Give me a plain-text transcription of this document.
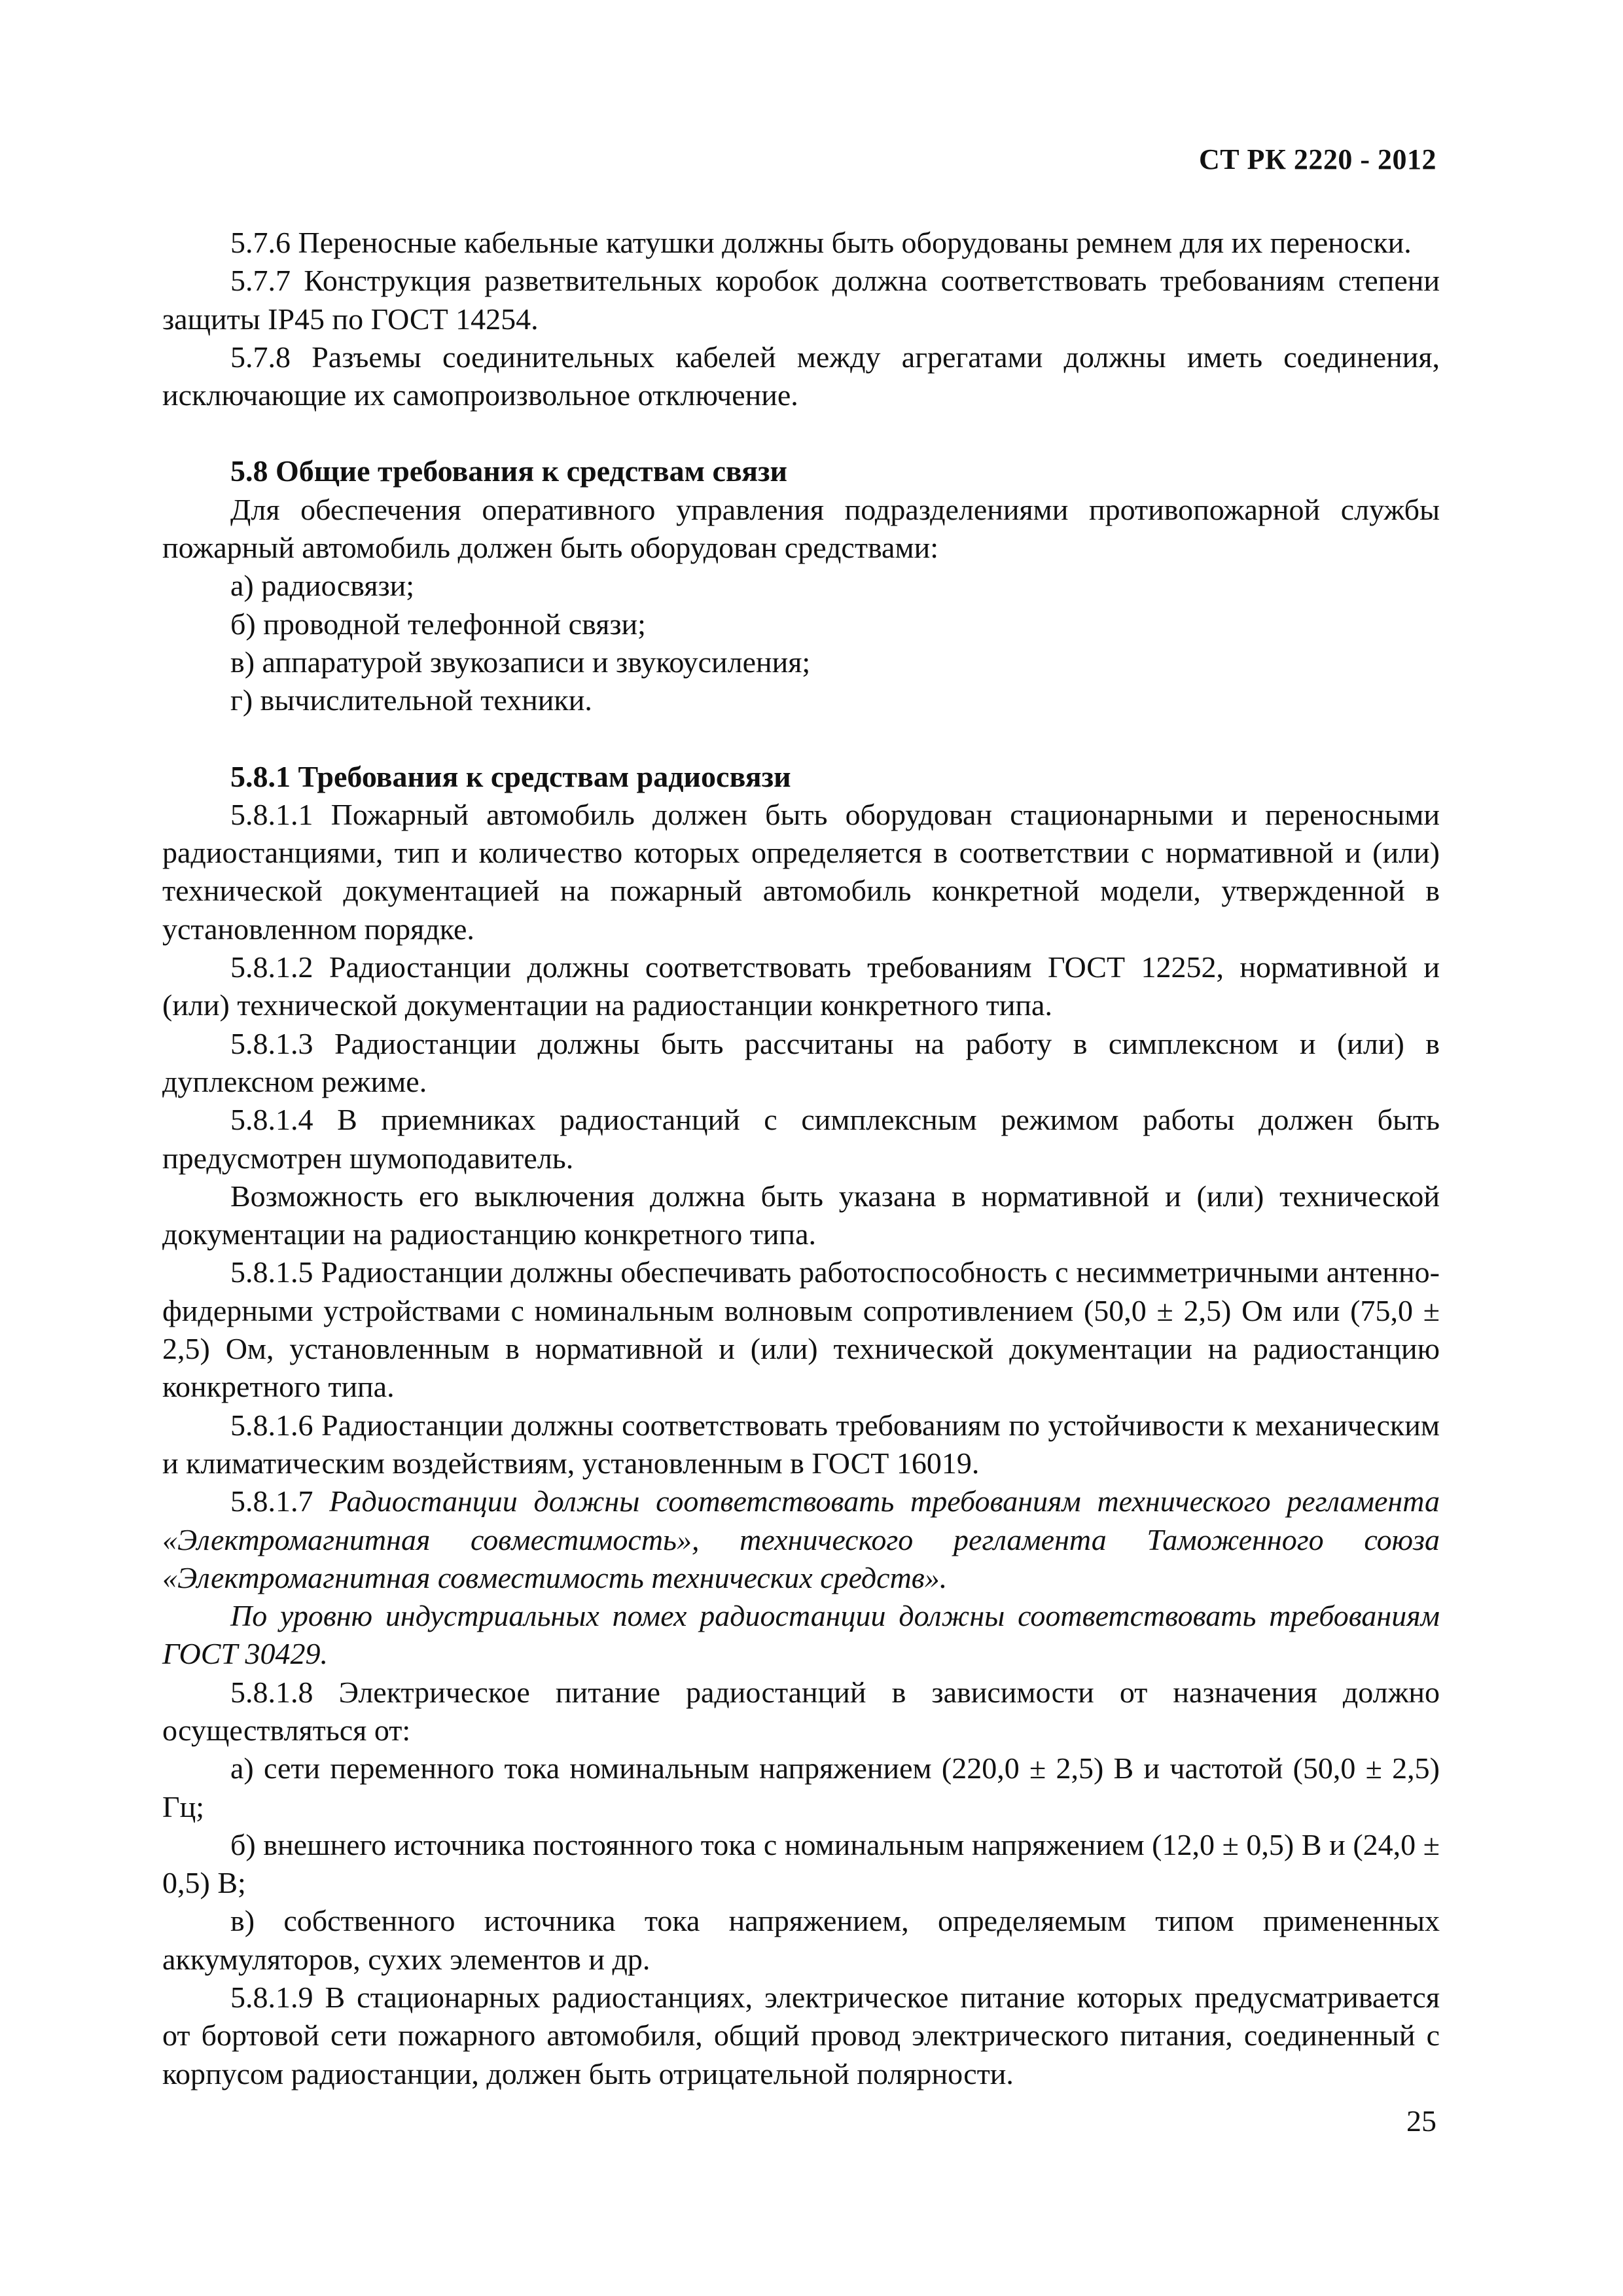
СТ РК 2220 - 2012

5.7.6 Переносные кабельные катушки должны быть оборудованы ремнем для их переноски.

5.7.7 Конструкция разветвительных коробок должна соответствовать требованиям степени защиты IP45 по ГОСТ 14254.

5.7.8 Разъемы соединительных кабелей между агрегатами должны иметь соединения, исключающие их самопроизвольное отключение.

5.8 Общие требования к средствам связи

Для обеспечения оперативного управления подразделениями противопожарной службы пожарный автомобиль должен быть оборудован средствами:

а) радиосвязи;

б) проводной телефонной связи;

в) аппаратурой звукозаписи и звукоусиления;

г) вычислительной техники.

5.8.1 Требования к средствам радиосвязи

5.8.1.1 Пожарный автомобиль должен быть оборудован стационарными и переносными радиостанциями, тип и количество которых определяется в соответствии с нормативной и (или) технической документацией на пожарный автомобиль конкретной модели, утвержденной в установленном порядке.

5.8.1.2 Радиостанции должны соответствовать требованиям ГОСТ 12252, нормативной и (или) технической документации на радиостанции конкретного типа.

5.8.1.3 Радиостанции должны быть рассчитаны на работу в симплексном и (или) в дуплексном режиме.

5.8.1.4 В приемниках радиостанций с симплексным режимом работы должен быть предусмотрен шумоподавитель.

Возможность его выключения должна быть указана в нормативной и (или) технической документации на радиостанцию конкретного типа.

5.8.1.5 Радиостанции должны обеспечивать работоспособность с несимметричными антенно-фидерными устройствами с номинальным волновым сопротивлением (50,0 ± 2,5) Ом или (75,0 ± 2,5) Ом, установленным в нормативной и (или) технической документации на радиостанцию конкретного типа.

5.8.1.6 Радиостанции должны соответствовать требованиям по устойчивости к механическим и климатическим воздействиям, установленным в ГОСТ 16019.

5.8.1.7 Радиостанции должны соответствовать требованиям технического регламента «Электромагнитная совместимость», технического регламента Таможенного союза «Электромагнитная совместимость технических средств».

По уровню индустриальных помех радиостанции должны соответствовать требованиям ГОСТ 30429.

5.8.1.8 Электрическое питание радиостанций в зависимости от назначения должно осуществляться от:

а) сети переменного тока номинальным напряжением (220,0 ± 2,5) В и частотой (50,0 ± 2,5) Гц;

б) внешнего источника постоянного тока с номинальным напряжением (12,0 ± 0,5) В и (24,0 ± 0,5) В;

в) собственного источника тока напряжением, определяемым типом примененных аккумуляторов, сухих элементов и др.

5.8.1.9 В стационарных радиостанциях, электрическое питание которых предусматривается от бортовой сети пожарного автомобиля, общий провод электрического питания, соединенный с корпусом радиостанции, должен быть отрицательной полярности.

25
